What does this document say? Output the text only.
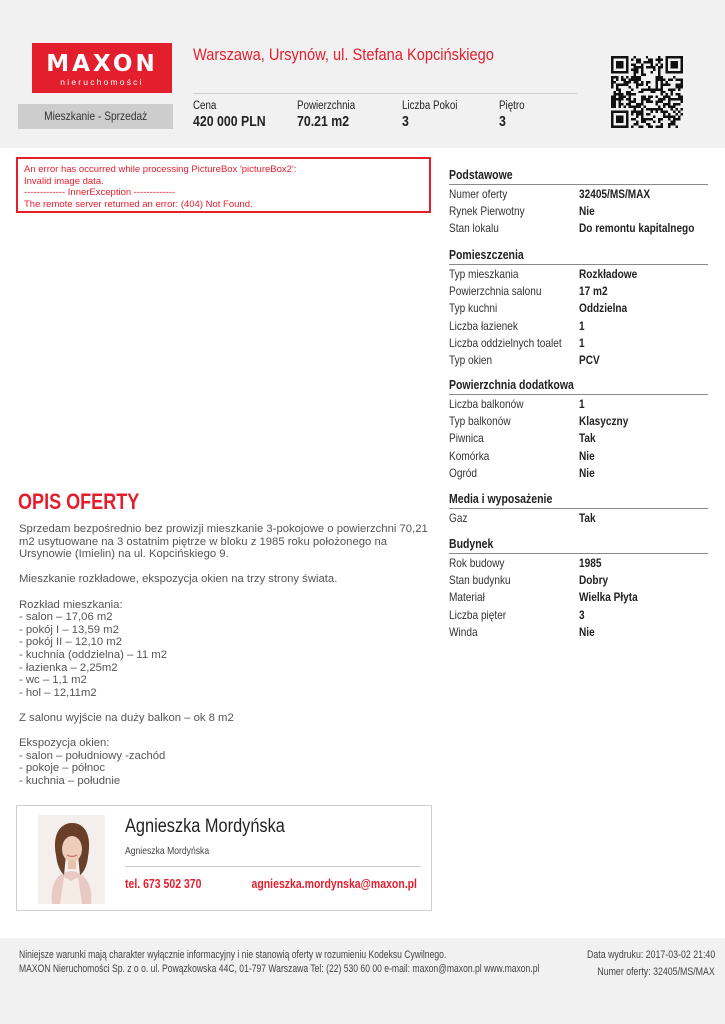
MAXON
nieruchomości
Warszawa, Ursynów, ul. Stefana Kopcińskiego
Mieszkanie - Sprzedaż
Cena
420 000 PLN
Powierzchnia
70.21 m2
Liczba Pokoi
3
Piętro
3
An error has occurred while processing PictureBox 'pictureBox2':
Invalid image data.
------------- InnerException -------------
The remote server returned an error: (404) Not Found.
OPIS OFERTY

Sprzedam bezpośrednio bez prowizji mieszkanie 3-pokojowe o powierzchni 70,21 m2 usytuowane na 3 ostatnim piętrze w bloku z 1985 roku położonego na Ursynowie (Imielin) na ul. Kopcińskiego 9.

Mieszkanie rozkładowe, ekspozycja okien na trzy strony świata.

Rozkład mieszkania:
- salon – 17,06 m2
- pokój I – 13,59 m2
- pokój II – 12,10 m2
- kuchnia (oddzielna) – 11 m2
- łazienka – 2,25m2
- wc – 1,1 m2
- hol – 12,11m2

Z salonu wyjście na duży balkon – ok 8 m2

Ekspozycja okien:
- salon – południowy -zachód
- pokoje – północ
- kuchnia – południe

Agnieszka Mordyńska
Agnieszka Mordyńska
tel. 673 502 370	agnieszka.mordynska@maxon.pl
Podstawowe
Numer oferty	32405/MS/MAX
Rynek Pierwotny	Nie
Stan lokalu	Do remontu kapitalnego
Pomieszczenia
Typ mieszkania	Rozkładowe
Powierzchnia salonu	17 m2
Typ kuchni	Oddzielna
Liczba łazienek	1
Liczba oddzielnych toalet 1
Typ okien	PCV
Powierzchnia dodatkowa
Liczba balkonów	1
Typ balkonów	Klasyczny
Piwnica	Tak
Komórka	Nie
Ogród	Nie
Media i wyposażenie
Gaz	Tak
Budynek
Rok budowy	1985
Stan budynku	Dobry
Materiał	Wielka Płyta
Liczba pięter	3
Winda	Nie
Niniejsze warunki mają charakter wyłącznie informacyjny i nie stanowią oferty w rozumieniu Kodeksu Cywilnego.
MAXON Nieruchomości Sp. z o o. ul. Powązkowska 44C, 01-797 Warszawa Tel: (22) 530 60 00 e-mail: maxon@maxon.pl www.maxon.pl
Data wydruku: 2017-03-02 21:40
Numer oferty: 32405/MS/MAX
